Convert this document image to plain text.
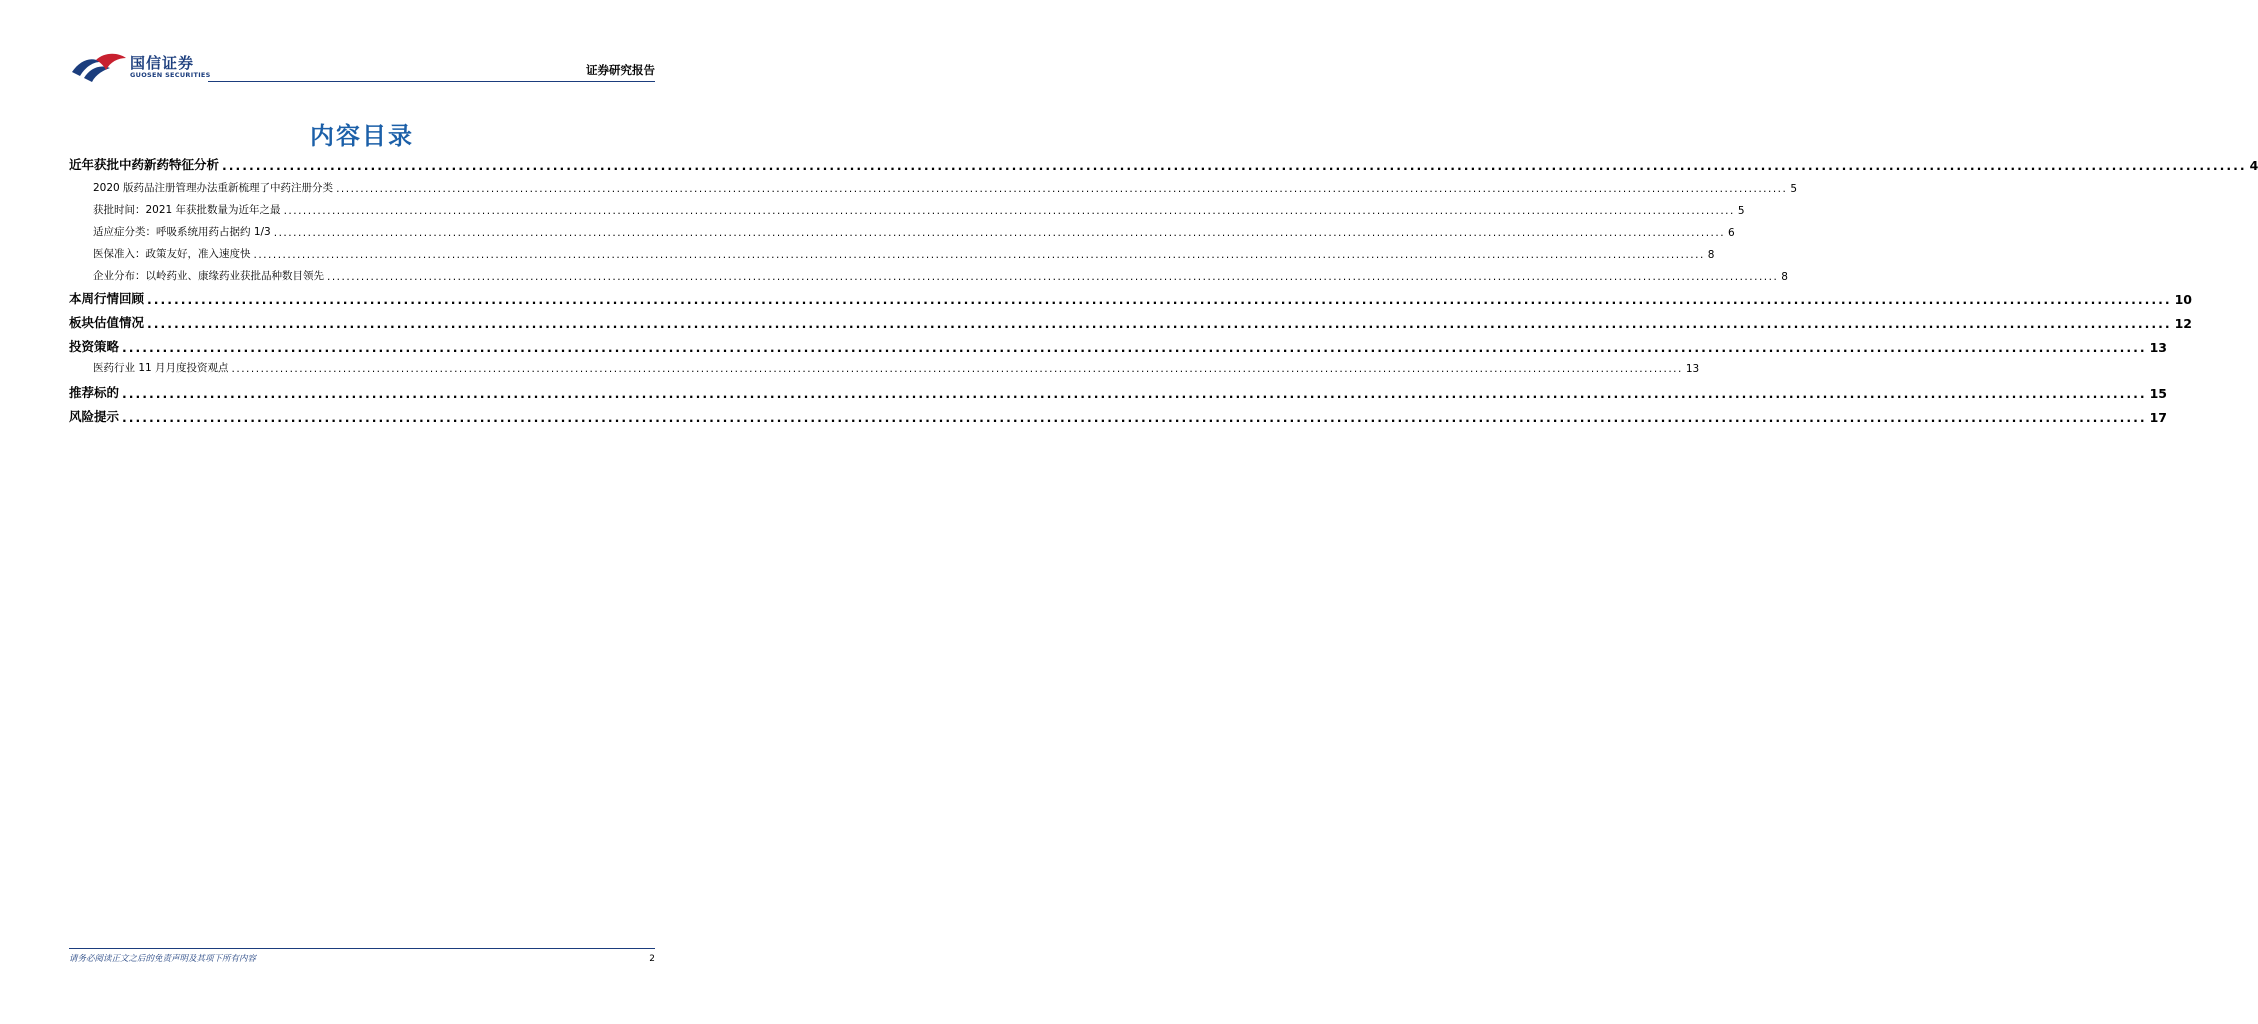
国信证券
GUOSEN SECURITIES	证券研究报告
内容目录
近年获批中药新药特征分析 ............................................................................................................................................................................................................................................................................................................ 4
2020 版药品注册管理办法重新梳理了中药注册分类 ............................................................................................................................................................................................................................................................................................................ 5
获批时间：2021 年获批数量为近年之最 ............................................................................................................................................................................................................................................................................................................ 5
适应症分类：呼吸系统用药占据约 1/3 ............................................................................................................................................................................................................................................................................................................ 6
医保准入：政策友好，准入速度快 ............................................................................................................................................................................................................................................................................................................ 8
企业分布：以岭药业、康缘药业获批品种数目领先 ............................................................................................................................................................................................................................................................................................................ 8
本周行情回顾 ............................................................................................................................................................................................................................................................................................................ 10
板块估值情况 ............................................................................................................................................................................................................................................................................................................ 12
投资策略 ............................................................................................................................................................................................................................................................................................................ 13
医药行业 11 月月度投资观点 ............................................................................................................................................................................................................................................................................................................ 13
推荐标的 ............................................................................................................................................................................................................................................................................................................ 15
风险提示 ............................................................................................................................................................................................................................................................................................................ 17
请务必阅读正文之后的免责声明及其项下所有内容	2
